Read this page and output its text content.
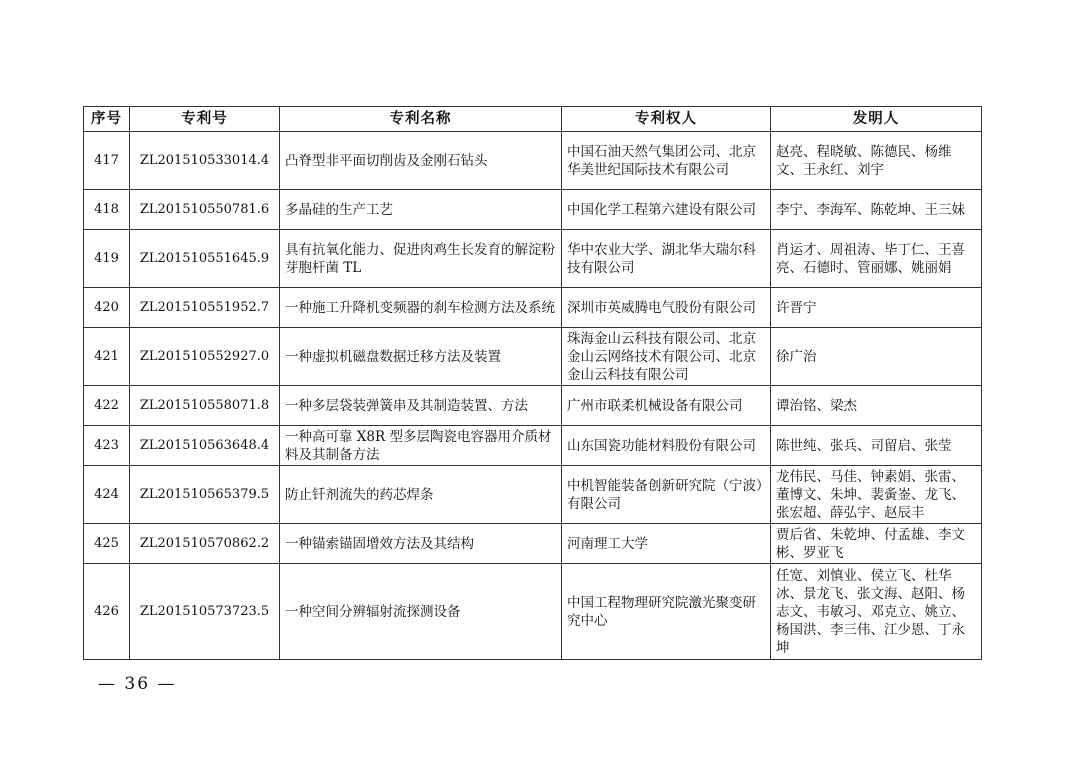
序号	专利号	专利名称	专利权人	发明人
417	ZL201510533014.4	凸脊型非平面切削齿及金刚石钻头	中国石油天然气集团公司、北京华美世纪国际技术有限公司	赵亮、程晓敏、陈德民、杨维文、王永红、刘宇
418	ZL201510550781.6	多晶硅的生产工艺	中国化学工程第六建设有限公司	李宁、李海军、陈乾坤、王三妹
419	ZL201510551645.9	具有抗氧化能力、促进肉鸡生长发育的解淀粉芽胞杆菌 TL	华中农业大学、湖北华大瑞尔科技有限公司	肖运才、周祖涛、毕丁仁、王喜亮、石德时、管丽娜、姚丽娟
420	ZL201510551952.7	一种施工升降机变频器的刹车检测方法及系统	深圳市英威腾电气股份有限公司	许晋宁
421	ZL201510552927.0	一种虚拟机磁盘数据迁移方法及装置	珠海金山云科技有限公司、北京金山云网络技术有限公司、北京金山云科技有限公司	徐广治
422	ZL201510558071.8	一种多层袋装弹簧串及其制造装置、方法	广州市联柔机械设备有限公司	谭治铭、梁杰
423	ZL201510563648.4	一种高可靠 X8R 型多层陶瓷电容器用介质材料及其制备方法	山东国瓷功能材料股份有限公司	陈世纯、张兵、司留启、张莹
424	ZL201510565379.5	防止钎剂流失的药芯焊条	中机智能装备创新研究院（宁波）有限公司	龙伟民、马佳、钟素娟、张雷、董博文、朱坤、裴夤崟、龙飞、张宏超、薛弘宇、赵辰丰
425	ZL201510570862.2	一种锚索锚固增效方法及其结构	河南理工大学	贾后省、朱乾坤、付孟雄、李文彬、罗亚飞
426	ZL201510573723.5	一种空间分辨辐射流探测设备	中国工程物理研究院激光聚变研究中心	任宽、刘慎业、侯立飞、杜华冰、景龙飞、张文海、赵阳、杨志文、韦敏习、邓克立、姚立、杨国洪、李三伟、江少恩、丁永坤
— 36 —
